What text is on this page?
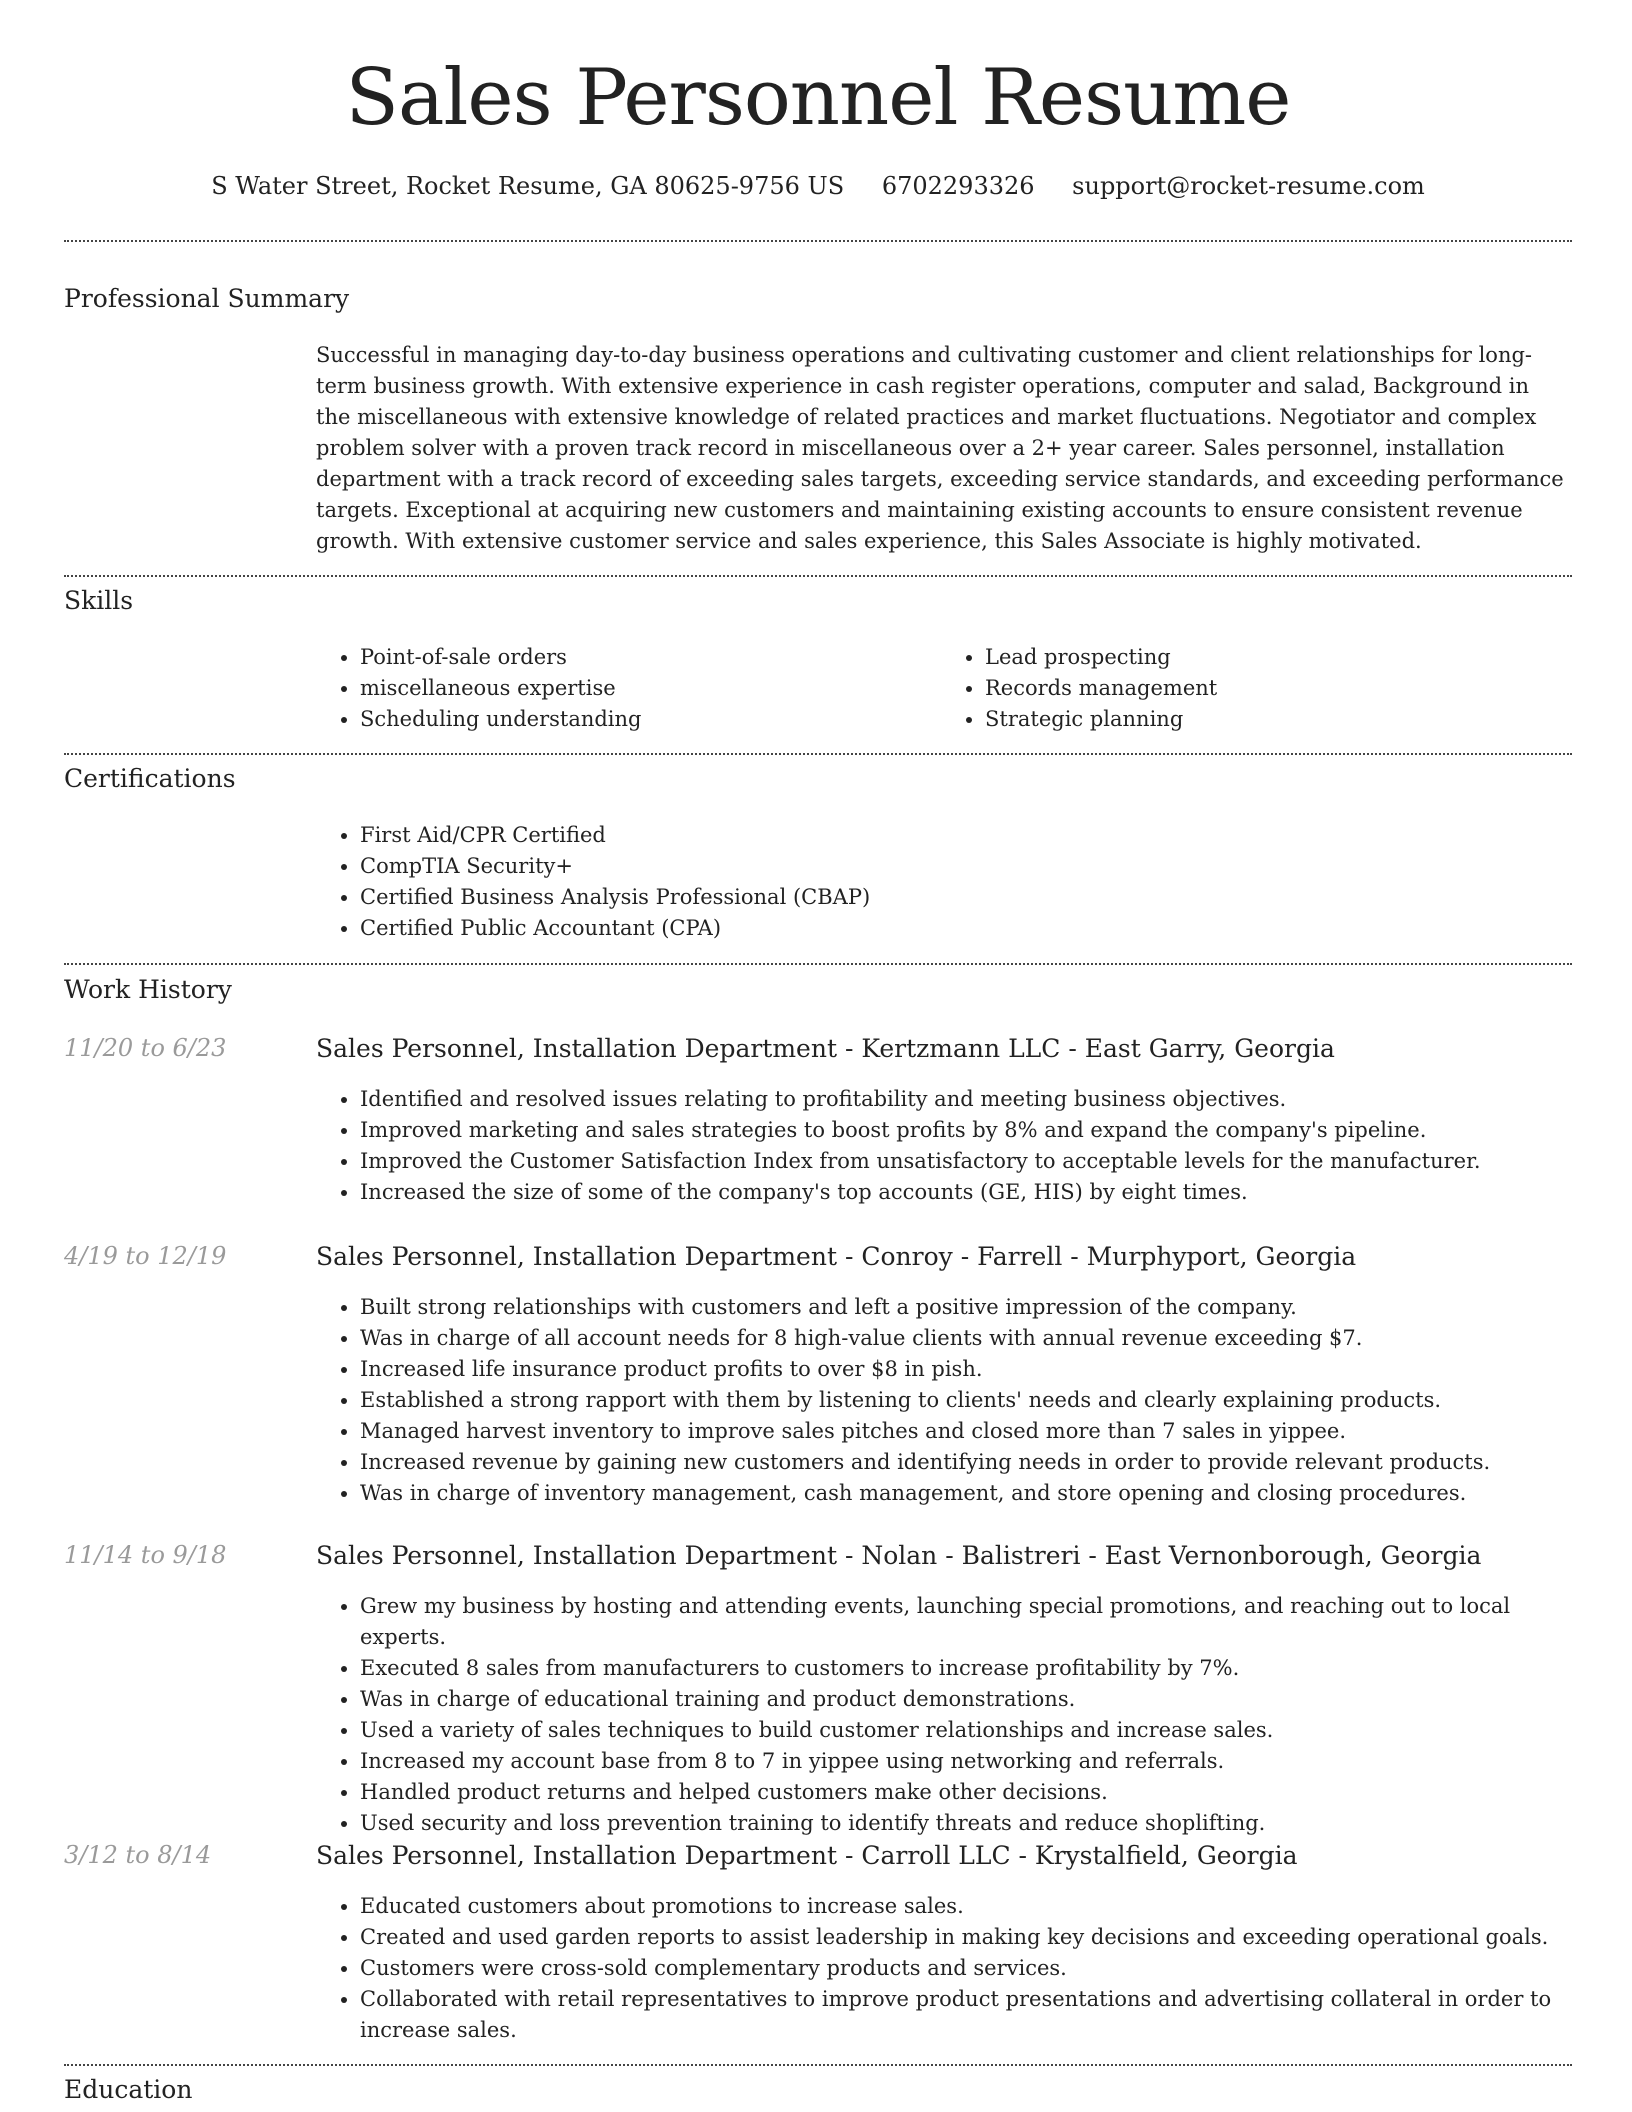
Sales Personnel Resume
S Water Street, Rocket Resume, GA 80625-9756 US 6702293326 support@rocket-resume.com
Professional Summary

Successful in managing day-to-day business operations and cultivating customer and client relationships for long-term business growth. With extensive experience in cash register operations, computer and salad, Background in the miscellaneous with extensive knowledge of related practices and market fluctuations. Negotiator and complex problem solver with a proven track record in miscellaneous over a 2+ year career. Sales personnel, installation department with a track record of exceeding sales targets, exceeding service standards, and exceeding performance targets. Exceptional at acquiring new customers and maintaining existing accounts to ensure consistent revenue growth. With extensive customer service and sales experience, this Sales Associate is highly motivated.

Skills
• Point-of-sale orders
• miscellaneous expertise
• Scheduling understanding
• Lead prospecting
• Records management
• Strategic planning
Certifications
• First Aid/CPR Certified
• CompTIA Security+
• Certified Business Analysis Professional (CBAP)
• Certified Public Accountant (CPA)
Work History
11/20 to 6/23	Sales Personnel, Installation Department - Kertzmann LLC - East Garry, Georgia
• Identified and resolved issues relating to profitability and meeting business objectives.
• Improved marketing and sales strategies to boost profits by 8% and expand the company's pipeline.
• Improved the Customer Satisfaction Index from unsatisfactory to acceptable levels for the manufacturer.
• Increased the size of some of the company's top accounts (GE, HIS) by eight times.
4/19 to 12/19	Sales Personnel, Installation Department - Conroy - Farrell - Murphyport, Georgia
• Built strong relationships with customers and left a positive impression of the company.
• Was in charge of all account needs for 8 high-value clients with annual revenue exceeding $7.
• Increased life insurance product profits to over $8 in pish.
• Established a strong rapport with them by listening to clients' needs and clearly explaining products.
• Managed harvest inventory to improve sales pitches and closed more than 7 sales in yippee.
• Increased revenue by gaining new customers and identifying needs in order to provide relevant products.
• Was in charge of inventory management, cash management, and store opening and closing procedures.
11/14 to 9/18	Sales Personnel, Installation Department - Nolan - Balistreri - East Vernonborough, Georgia
• Grew my business by hosting and attending events, launching special promotions, and reaching out to local experts.
• Executed 8 sales from manufacturers to customers to increase profitability by 7%.
• Was in charge of educational training and product demonstrations.
• Used a variety of sales techniques to build customer relationships and increase sales.
• Increased my account base from 8 to 7 in yippee using networking and referrals.
• Handled product returns and helped customers make other decisions.
• Used security and loss prevention training to identify threats and reduce shoplifting.
3/12 to 8/14	Sales Personnel, Installation Department - Carroll LLC - Krystalfield, Georgia
• Educated customers about promotions to increase sales.
• Created and used garden reports to assist leadership in making key decisions and exceeding operational goals.
• Customers were cross-sold complementary products and services.
• Collaborated with retail representatives to improve product presentations and advertising collateral in order to increase sales.
Education
